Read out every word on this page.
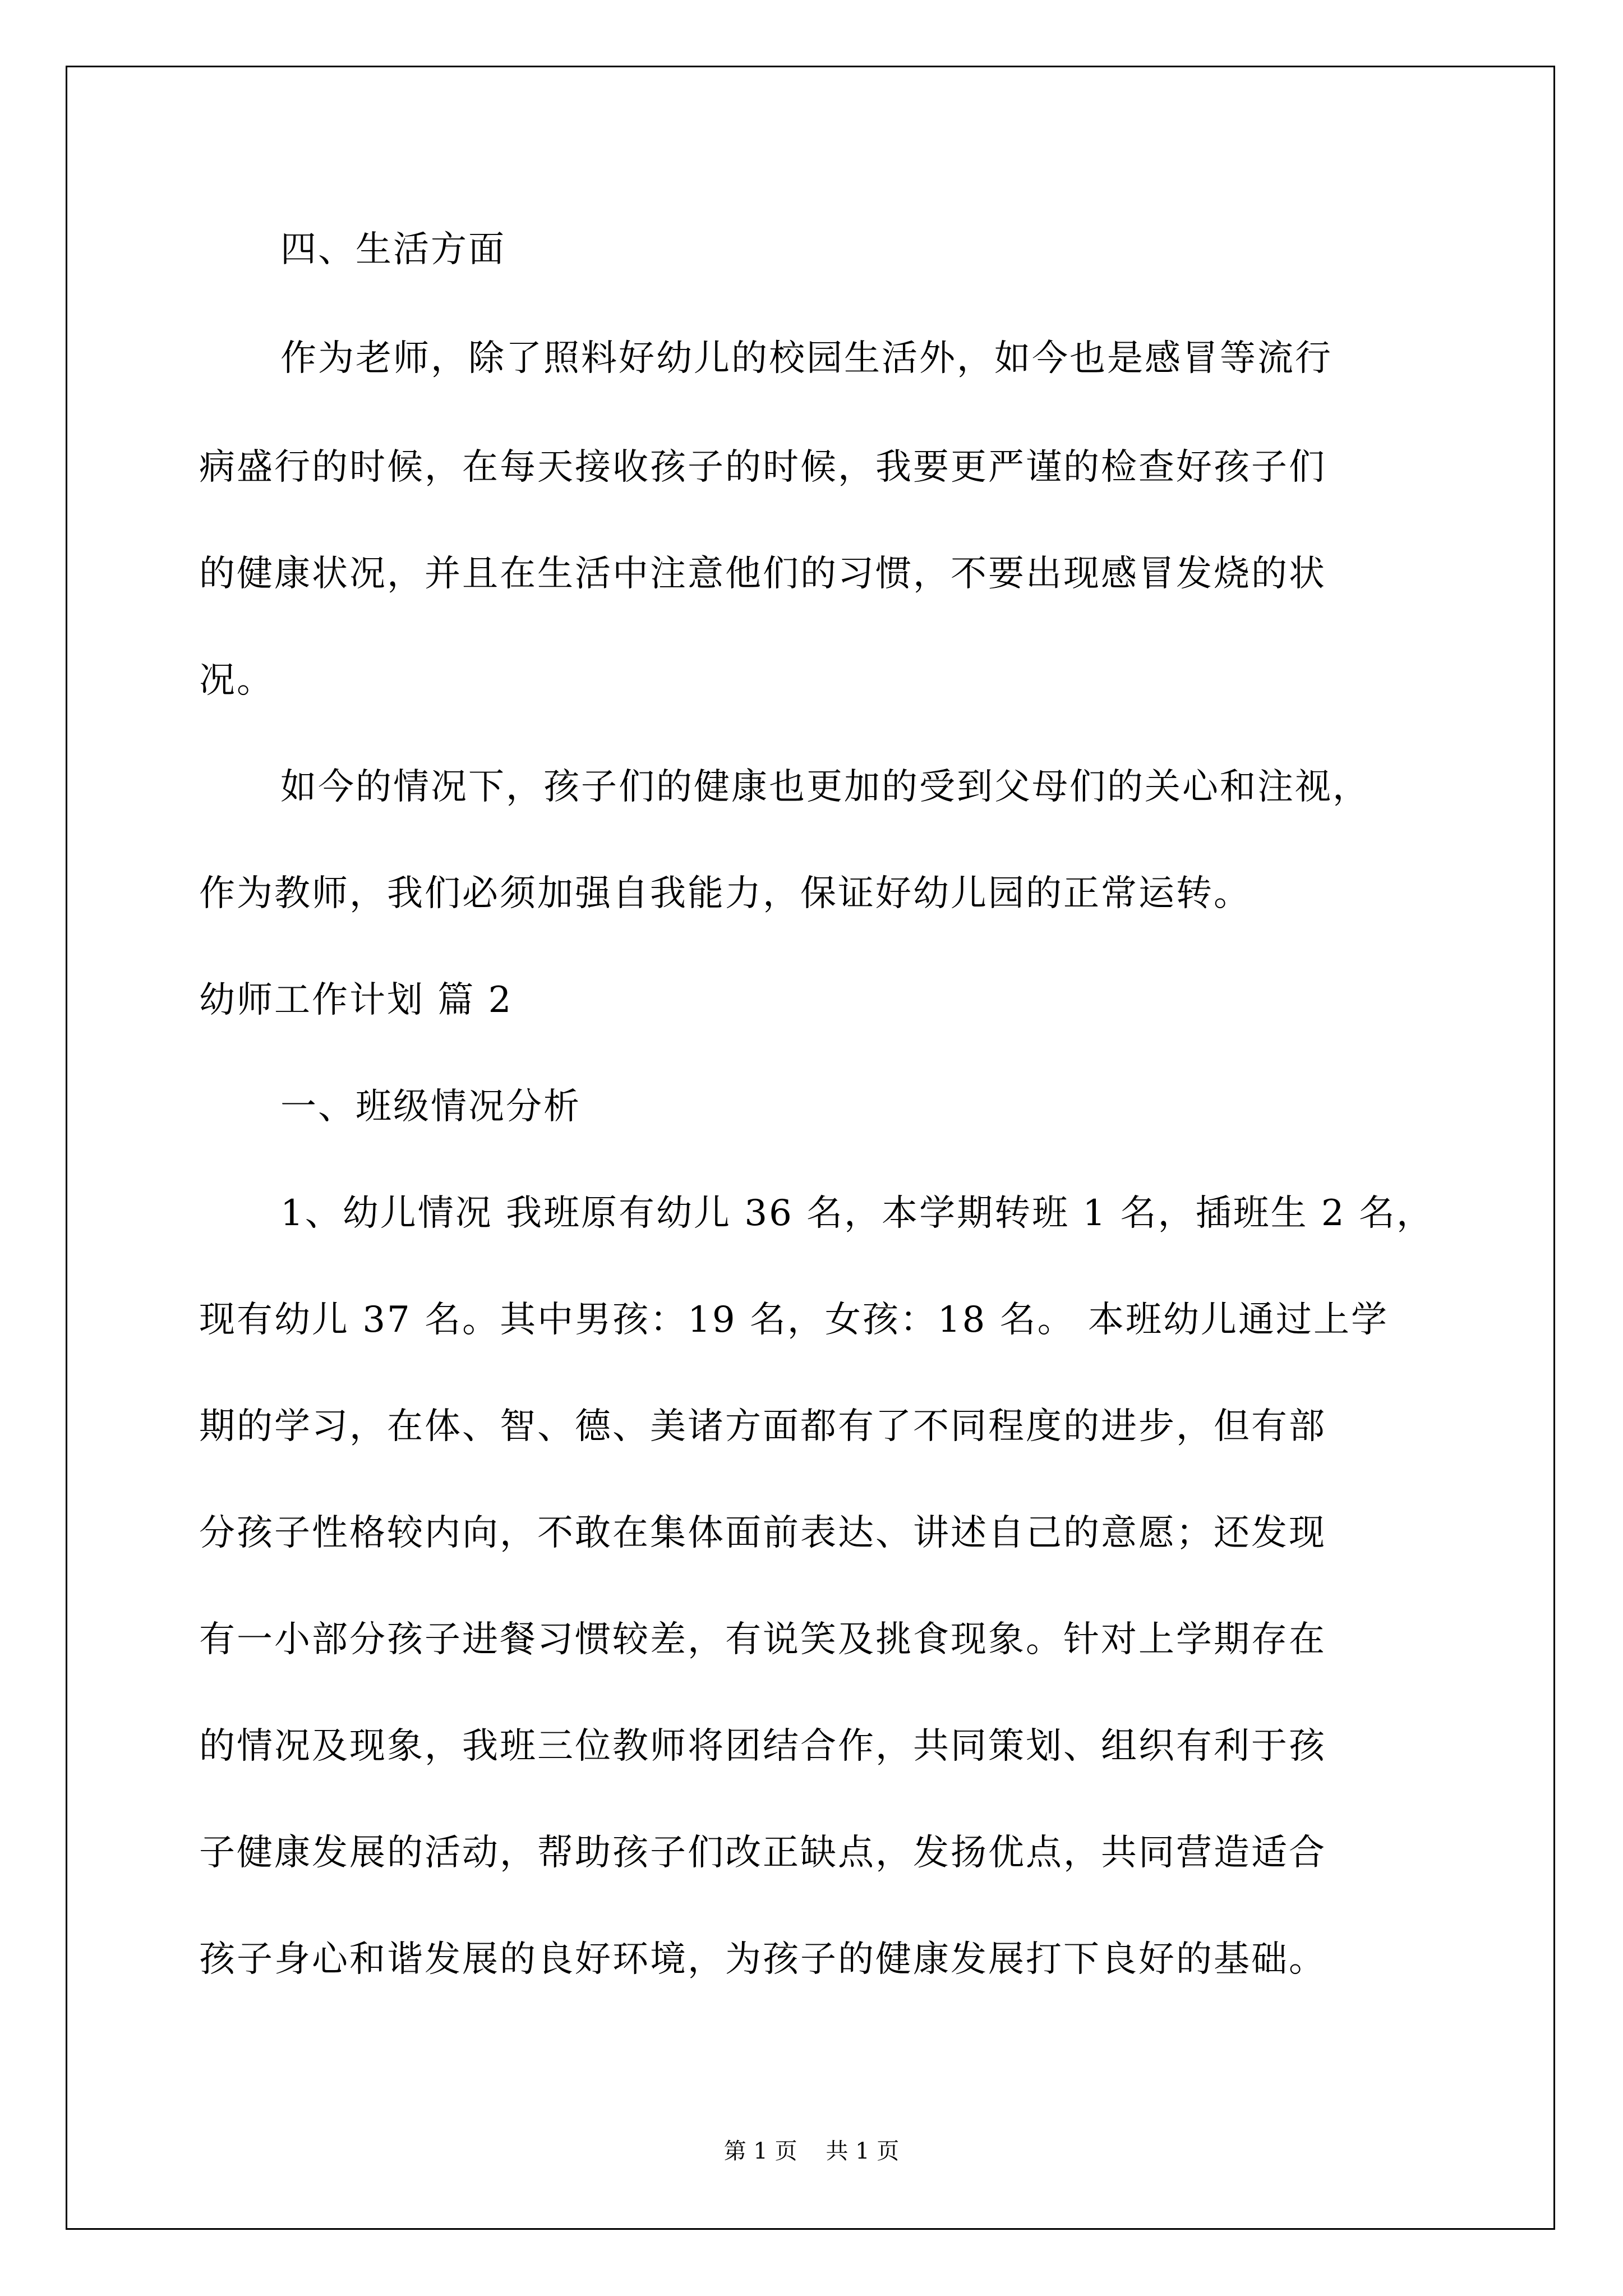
四、生活方面
作为老师，除了照料好幼儿的校园生活外，如今也是感冒等流行
病盛行的时候，在每天接收孩子的时候，我要更严谨的检查好孩子们
的健康状况，并且在生活中注意他们的习惯，不要出现感冒发烧的状
况。
如今的情况下，孩子们的健康也更加的受到父母们的关心和注视，
作为教师，我们必须加强自我能力，保证好幼儿园的正常运转。
幼师工作计划 篇 2
一、班级情况分析
1、幼儿情况 我班原有幼儿 36 名，本学期转班 1 名，插班生 2 名，
现有幼儿 37 名。其中男孩：19 名，女孩：18 名。 本班幼儿通过上学
期的学习，在体、智、德、美诸方面都有了不同程度的进步，但有部
分孩子性格较内向，不敢在集体面前表达、讲述自己的意愿；还发现
有一小部分孩子进餐习惯较差，有说笑及挑食现象。针对上学期存在
的情况及现象，我班三位教师将团结合作，共同策划、组织有利于孩
子健康发展的活动，帮助孩子们改正缺点，发扬优点，共同营造适合
孩子身心和谐发展的良好环境，为孩子的健康发展打下良好的基础。
第 1 页    共 1 页
